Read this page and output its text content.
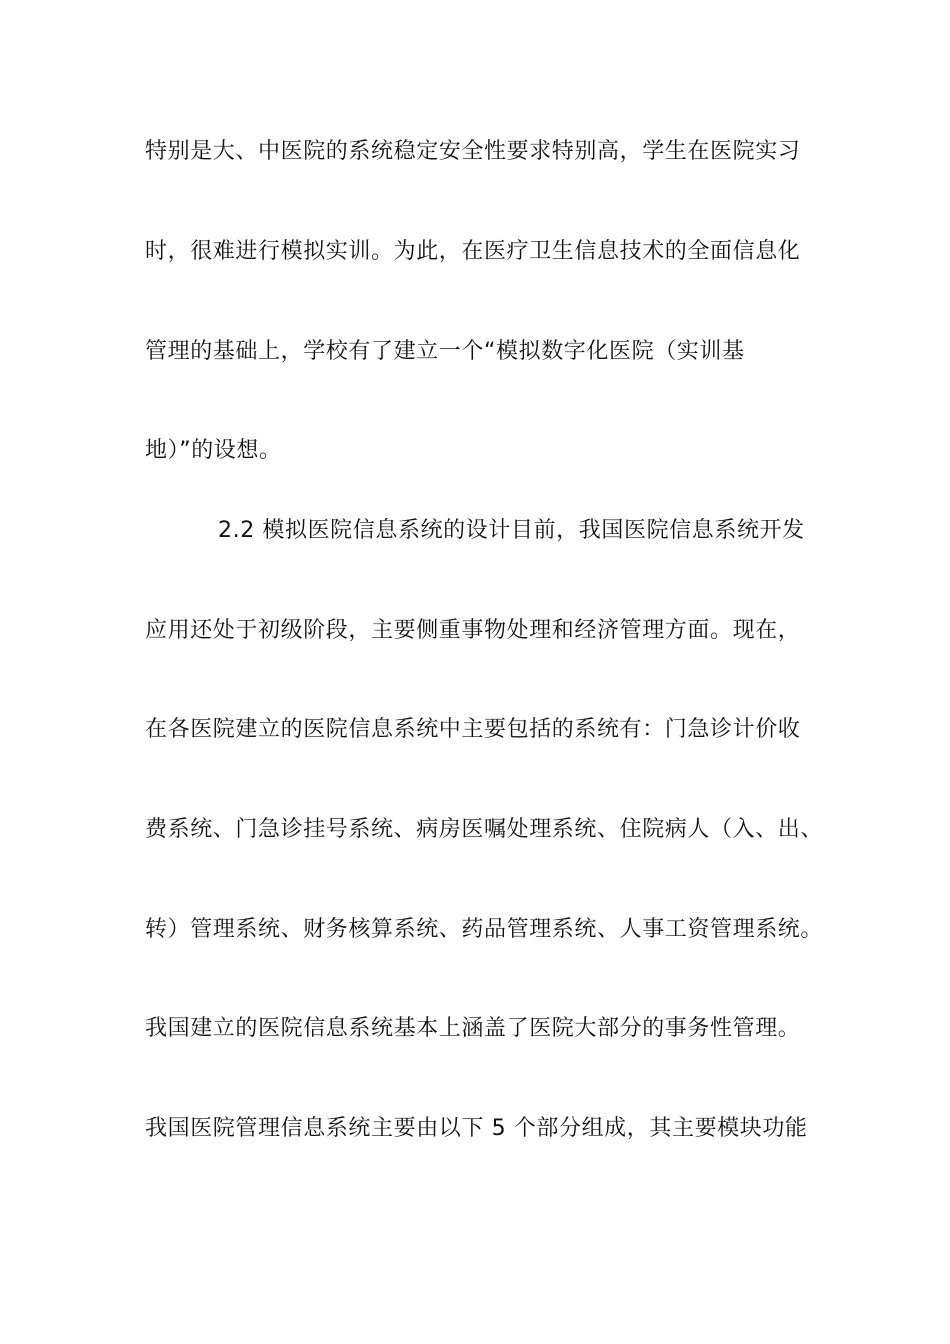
特别是大、中医院的系统稳定安全性要求特别高，学生在医院实习
时，很难进行模拟实训。为此，在医疗卫生信息技术的全面信息化
管理的基础上，学校有了建立一个“模拟数字化医院（实训基
地）”的设想。
2.2 模拟医院信息系统的设计目前，我国医院信息系统开发
应用还处于初级阶段，主要侧重事物处理和经济管理方面。现在，
在各医院建立的医院信息系统中主要包括的系统有：门急诊计价收
费系统、门急诊挂号系统、病房医嘱处理系统、住院病人（入、出、
转）管理系统、财务核算系统、药品管理系统、人事工资管理系统。
我国建立的医院信息系统基本上涵盖了医院大部分的事务性管理。
我国医院管理信息系统主要由以下 5 个部分组成，其主要模块功能
